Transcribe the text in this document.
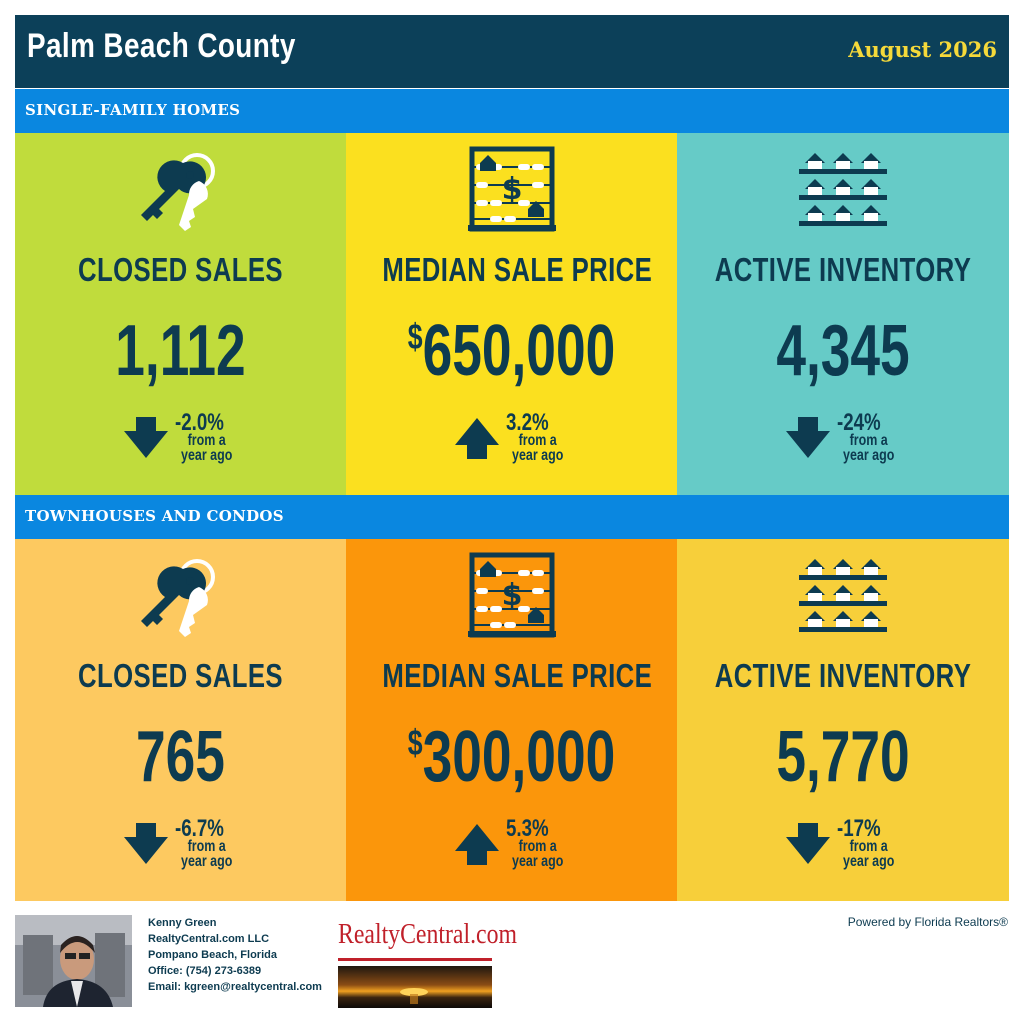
Palm Beach County	August 2026
SINGLE-FAMILY HOMES
CLOSED SALES
1,112
-2.0%
from a
year ago
$
MEDIAN SALE PRICE
$650,000
3.2%
from a
year ago
ACTIVE INVENTORY
4,345
-24%
from a
year ago
TOWNHOUSES AND CONDOS
CLOSED SALES
765
-6.7%
from a
year ago
$
MEDIAN SALE PRICE
$300,000
5.3%
from a
year ago
ACTIVE INVENTORY
5,770
-17%
from a
year ago
Kenny Green
RealtyCentral.com LLC
Pompano Beach, Florida
Office: (754) 273-6389
Email: kgreen@realtycentral.com
RealtyCentral.com	Powered by Florida Realtors®
